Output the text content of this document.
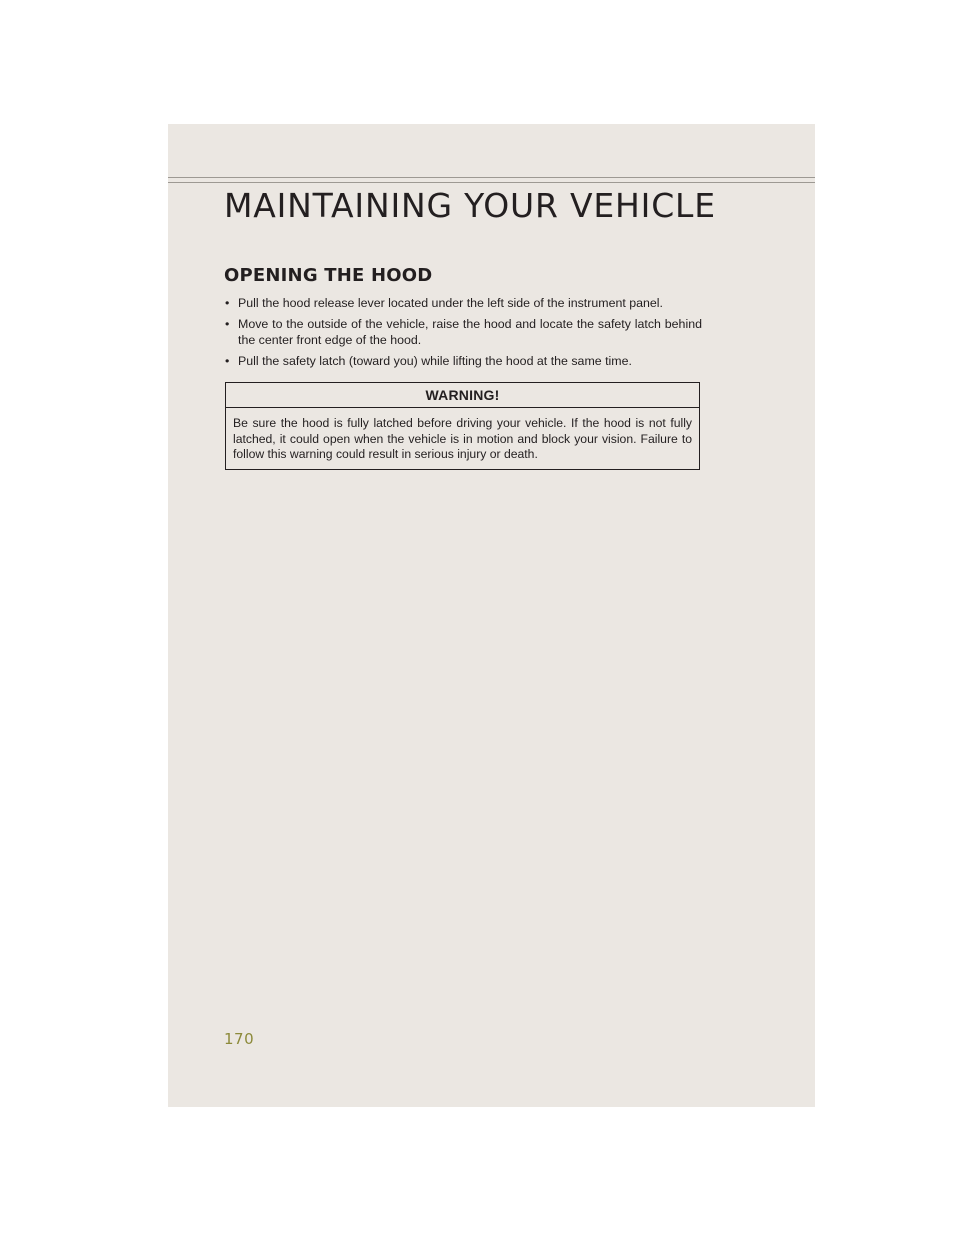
MAINTAINING YOUR VEHICLE
OPENING THE HOOD
• Pull the hood release lever located under the left side of the instrument panel.
• Move to the outside of the vehicle, raise the hood and locate the safety latch behind the center front edge of the hood.
• Pull the safety latch (toward you) while lifting the hood at the same time.
WARNING!
Be sure the hood is fully latched before driving your vehicle. If the hood is not fully latched, it could open when the vehicle is in motion and block your vision. Failure to follow this warning could result in serious injury or death.
170
